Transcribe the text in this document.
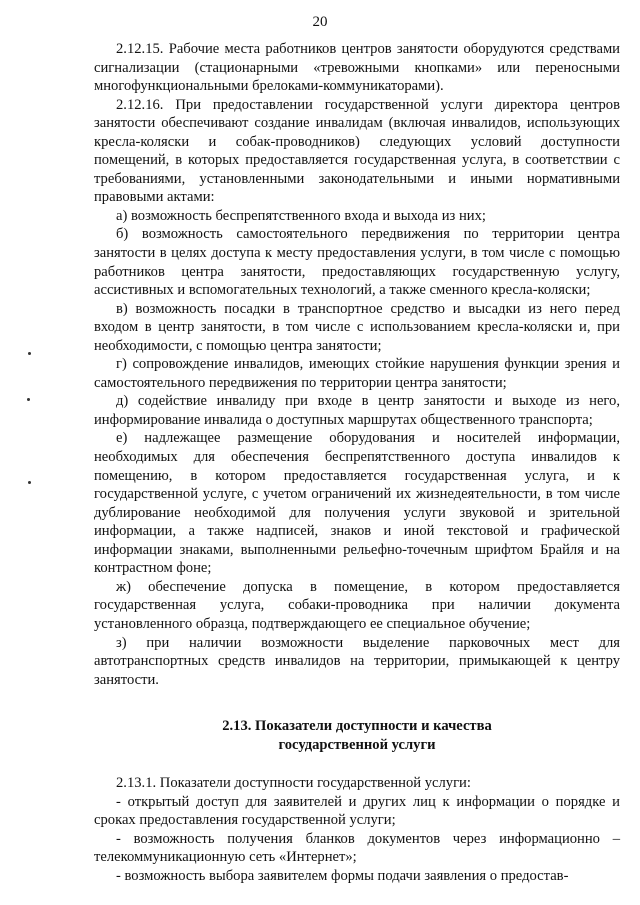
20

2.12.15. Рабочие места работников центров занятости оборудуются средствами сигнализации (стационарными «тревожными кнопками» или переносными многофункциональными брелоками-коммуникаторами).

2.12.16. При предоставлении государственной услуги директора центров занятости обеспечивают создание инвалидам (включая инвалидов, использующих кресла-коляски и собак-проводников) следующих условий доступности помещений, в которых предоставляется государственная услуга, в соответствии с требованиями, установленными законодательными и иными нормативными правовыми актами:

а) возможность беспрепятственного входа и выхода из них;

б) возможность самостоятельного передвижения по территории центра занятости в целях доступа к месту предоставления услуги, в том числе с помощью работников центра занятости, предоставляющих государственную услугу, ассистивных и вспомогательных технологий, а также сменного кресла-коляски;

в) возможность посадки в транспортное средство и высадки из него перед входом в центр занятости, в том числе с использованием кресла-коляски и, при необходимости, с помощью центра занятости;

г) сопровождение инвалидов, имеющих стойкие нарушения функции зрения и самостоятельного передвижения по территории центра занятости;

д) содействие инвалиду при входе в центр занятости и выходе из него, информирование инвалида о доступных маршрутах общественного транспорта;

е) надлежащее размещение оборудования и носителей информации, необходимых для обеспечения беспрепятственного доступа инвалидов к помещению, в котором предоставляется государственная услуга, и к государственной услуге, с учетом ограничений их жизнедеятельности, в том числе дублирование необходимой для получения услуги звуковой и зрительной информации, а также надписей, знаков и иной текстовой и графической информации знаками, выполненными рельефно-точечным шрифтом Брайля и на контрастном фоне;

ж) обеспечение допуска в помещение, в котором предоставляется государственная услуга, собаки-проводника при наличии документа установленного образца, подтверждающего ее специальное обучение;

з) при наличии возможности выделение парковочных мест для автотранспортных средств инвалидов на территории, примыкающей к центру занятости.

2.13. Показатели доступности и качества
государственной услуги

2.13.1. Показатели доступности государственной услуги:

- открытый доступ для заявителей и других лиц к информации о порядке и сроках предоставления государственной услуги;

- возможность получения бланков документов через информационно – телекоммуникационную сеть «Интернет»;

- возможность выбора заявителем формы подачи заявления о предостав-
